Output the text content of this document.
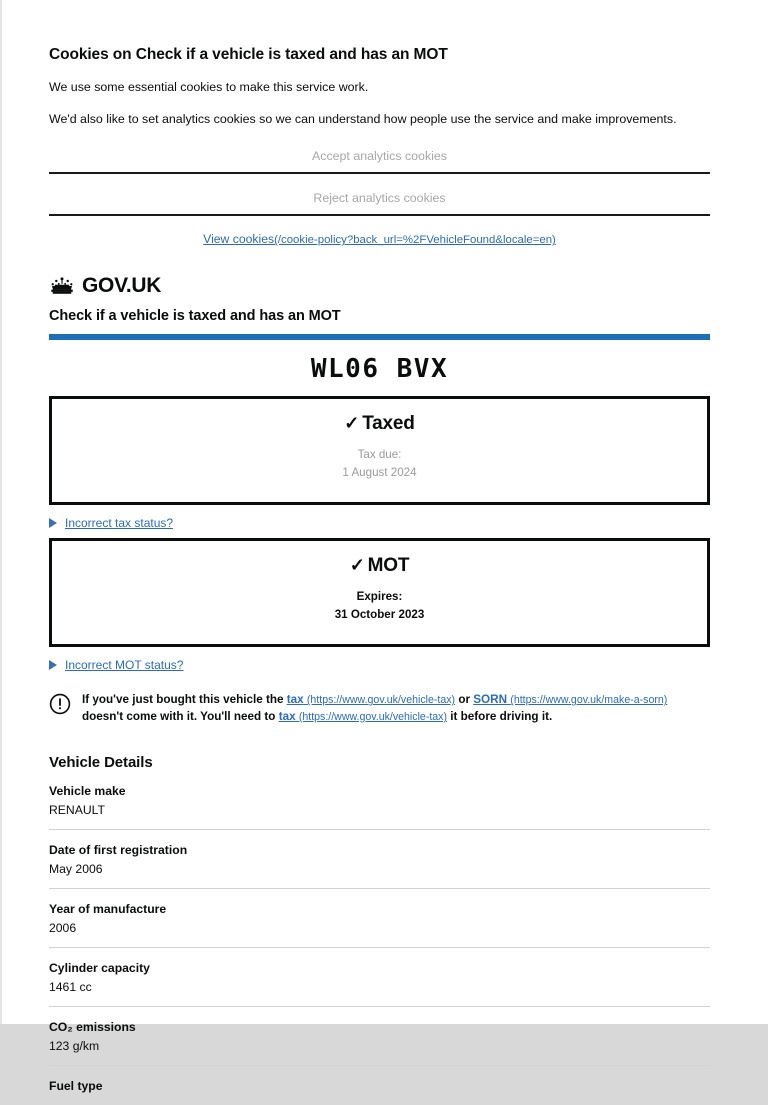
Cookies on Check if a vehicle is taxed and has an MOT

We use some essential cookies to make this service work.

We'd also like to set analytics cookies so we can understand how people use the service and make improvements.

Accept analytics cookies
Reject analytics cookies
View cookies(/cookie-policy?back_url=%2FVehicleFound&locale=en)
GOV.UK
Check if a vehicle is taxed and has an MOT
WL06 BVX
✓ Taxed
Tax due:
1 August 2024
Incorrect tax status?
✓ MOT
Expires:
31 October 2023
Incorrect MOT status?
If you've just bought this vehicle the tax (https://www.gov.uk/vehicle-tax) or SORN (https://www.gov.uk/make-a-sorn) doesn't come with it. You'll need to tax (https://www.gov.uk/vehicle-tax) it before driving it.
Vehicle Details
Vehicle make
RENAULT
Date of first registration
May 2006
Year of manufacture
2006
Cylinder capacity
1461 cc
CO₂ emissions
123 g/km
Fuel type
